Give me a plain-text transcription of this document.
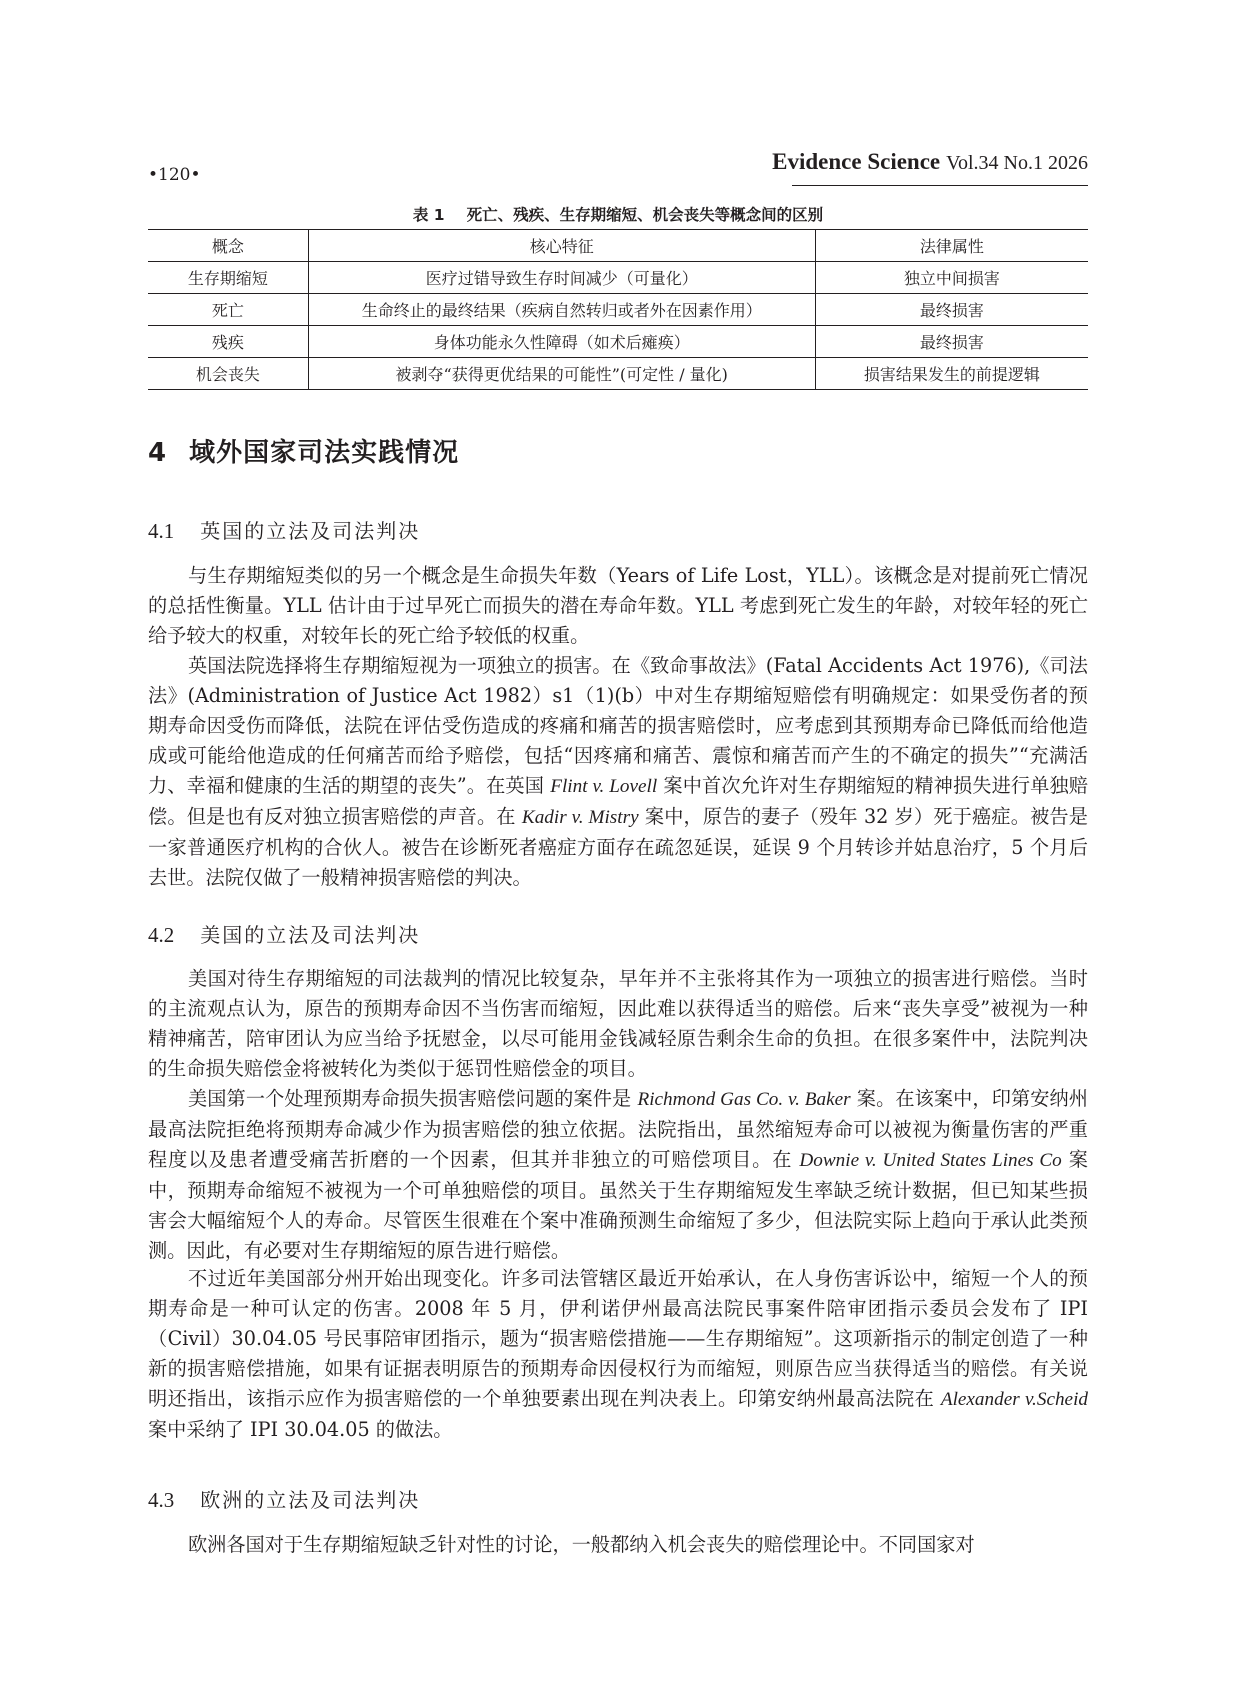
•120•
Evidence Science Vol.34 No.1 2026
表 1 死亡、残疾、生存期缩短、机会丧失等概念间的区别
概念	核心特征	法律属性
生存期缩短	医疗过错导致生存时间减少（可量化）	独立中间损害
死亡	生命终止的最终结果（疾病自然转归或者外在因素作用）	最终损害
残疾	身体功能永久性障碍（如术后瘫痪）	最终损害
机会丧失	被剥夺“获得更优结果的可能性”(可定性 / 量化)	损害结果发生的前提逻辑
4 域外国家司法实践情况
4.1 英国的立法及司法判决

与生存期缩短类似的另一个概念是生命损失年数（Years of Life Lost，YLL）。该概念是对提前死亡情况的总括性衡量。YLL 估计由于过早死亡而损失的潜在寿命年数。YLL 考虑到死亡发生的年龄，对较年轻的死亡给予较大的权重，对较年长的死亡给予较低的权重。

英国法院选择将生存期缩短视为一项独立的损害。在《致命事故法》(Fatal Accidents Act 1976),《司法法》(Administration of Justice Act 1982）s1（1)(b）中对生存期缩短赔偿有明确规定：如果受伤者的预期寿命因受伤而降低，法院在评估受伤造成的疼痛和痛苦的损害赔偿时，应考虑到其预期寿命已降低而给他造成或可能给他造成的任何痛苦而给予赔偿，包括“因疼痛和痛苦、震惊和痛苦而产生的不确定的损失”“充满活力、幸福和健康的生活的期望的丧失”。在英国 Flint v. Lovell 案中首次允许对生存期缩短的精神损失进行单独赔偿。但是也有反对独立损害赔偿的声音。在 Kadir v. Mistry 案中，原告的妻子（殁年 32 岁）死于癌症。被告是一家普通医疗机构的合伙人。被告在诊断死者癌症方面存在疏忽延误，延误 9 个月转诊并姑息治疗，5 个月后去世。法院仅做了一般精神损害赔偿的判决。

4.2 美国的立法及司法判决

美国对待生存期缩短的司法裁判的情况比较复杂，早年并不主张将其作为一项独立的损害进行赔偿。当时的主流观点认为，原告的预期寿命因不当伤害而缩短，因此难以获得适当的赔偿。后来“丧失享受”被视为一种精神痛苦，陪审团认为应当给予抚慰金，以尽可能用金钱减轻原告剩余生命的负担。在很多案件中，法院判决的生命损失赔偿金将被转化为类似于惩罚性赔偿金的项目。

美国第一个处理预期寿命损失损害赔偿问题的案件是 Richmond Gas Co. v. Baker 案。在该案中，印第安纳州最高法院拒绝将预期寿命减少作为损害赔偿的独立依据。法院指出，虽然缩短寿命可以被视为衡量伤害的严重程度以及患者遭受痛苦折磨的一个因素，但其并非独立的可赔偿项目。在 Downie v. United States Lines Co 案中，预期寿命缩短不被视为一个可单独赔偿的项目。虽然关于生存期缩短发生率缺乏统计数据，但已知某些损害会大幅缩短个人的寿命。尽管医生很难在个案中准确预测生命缩短了多少，但法院实际上趋向于承认此类预测。因此，有必要对生存期缩短的原告进行赔偿。

不过近年美国部分州开始出现变化。许多司法管辖区最近开始承认，在人身伤害诉讼中，缩短一个人的预期寿命是一种可认定的伤害。2008 年 5 月，伊利诺伊州最高法院民事案件陪审团指示委员会发布了 IPI（Civil）30.04.05 号民事陪审团指示，题为“损害赔偿措施——生存期缩短”。这项新指示的制定创造了一种新的损害赔偿措施，如果有证据表明原告的预期寿命因侵权行为而缩短，则原告应当获得适当的赔偿。有关说明还指出，该指示应作为损害赔偿的一个单独要素出现在判决表上。印第安纳州最高法院在 Alexander v.Scheid 案中采纳了 IPI 30.04.05 的做法。

4.3 欧洲的立法及司法判决

欧洲各国对于生存期缩短缺乏针对性的讨论，一般都纳入机会丧失的赔偿理论中。不同国家对
